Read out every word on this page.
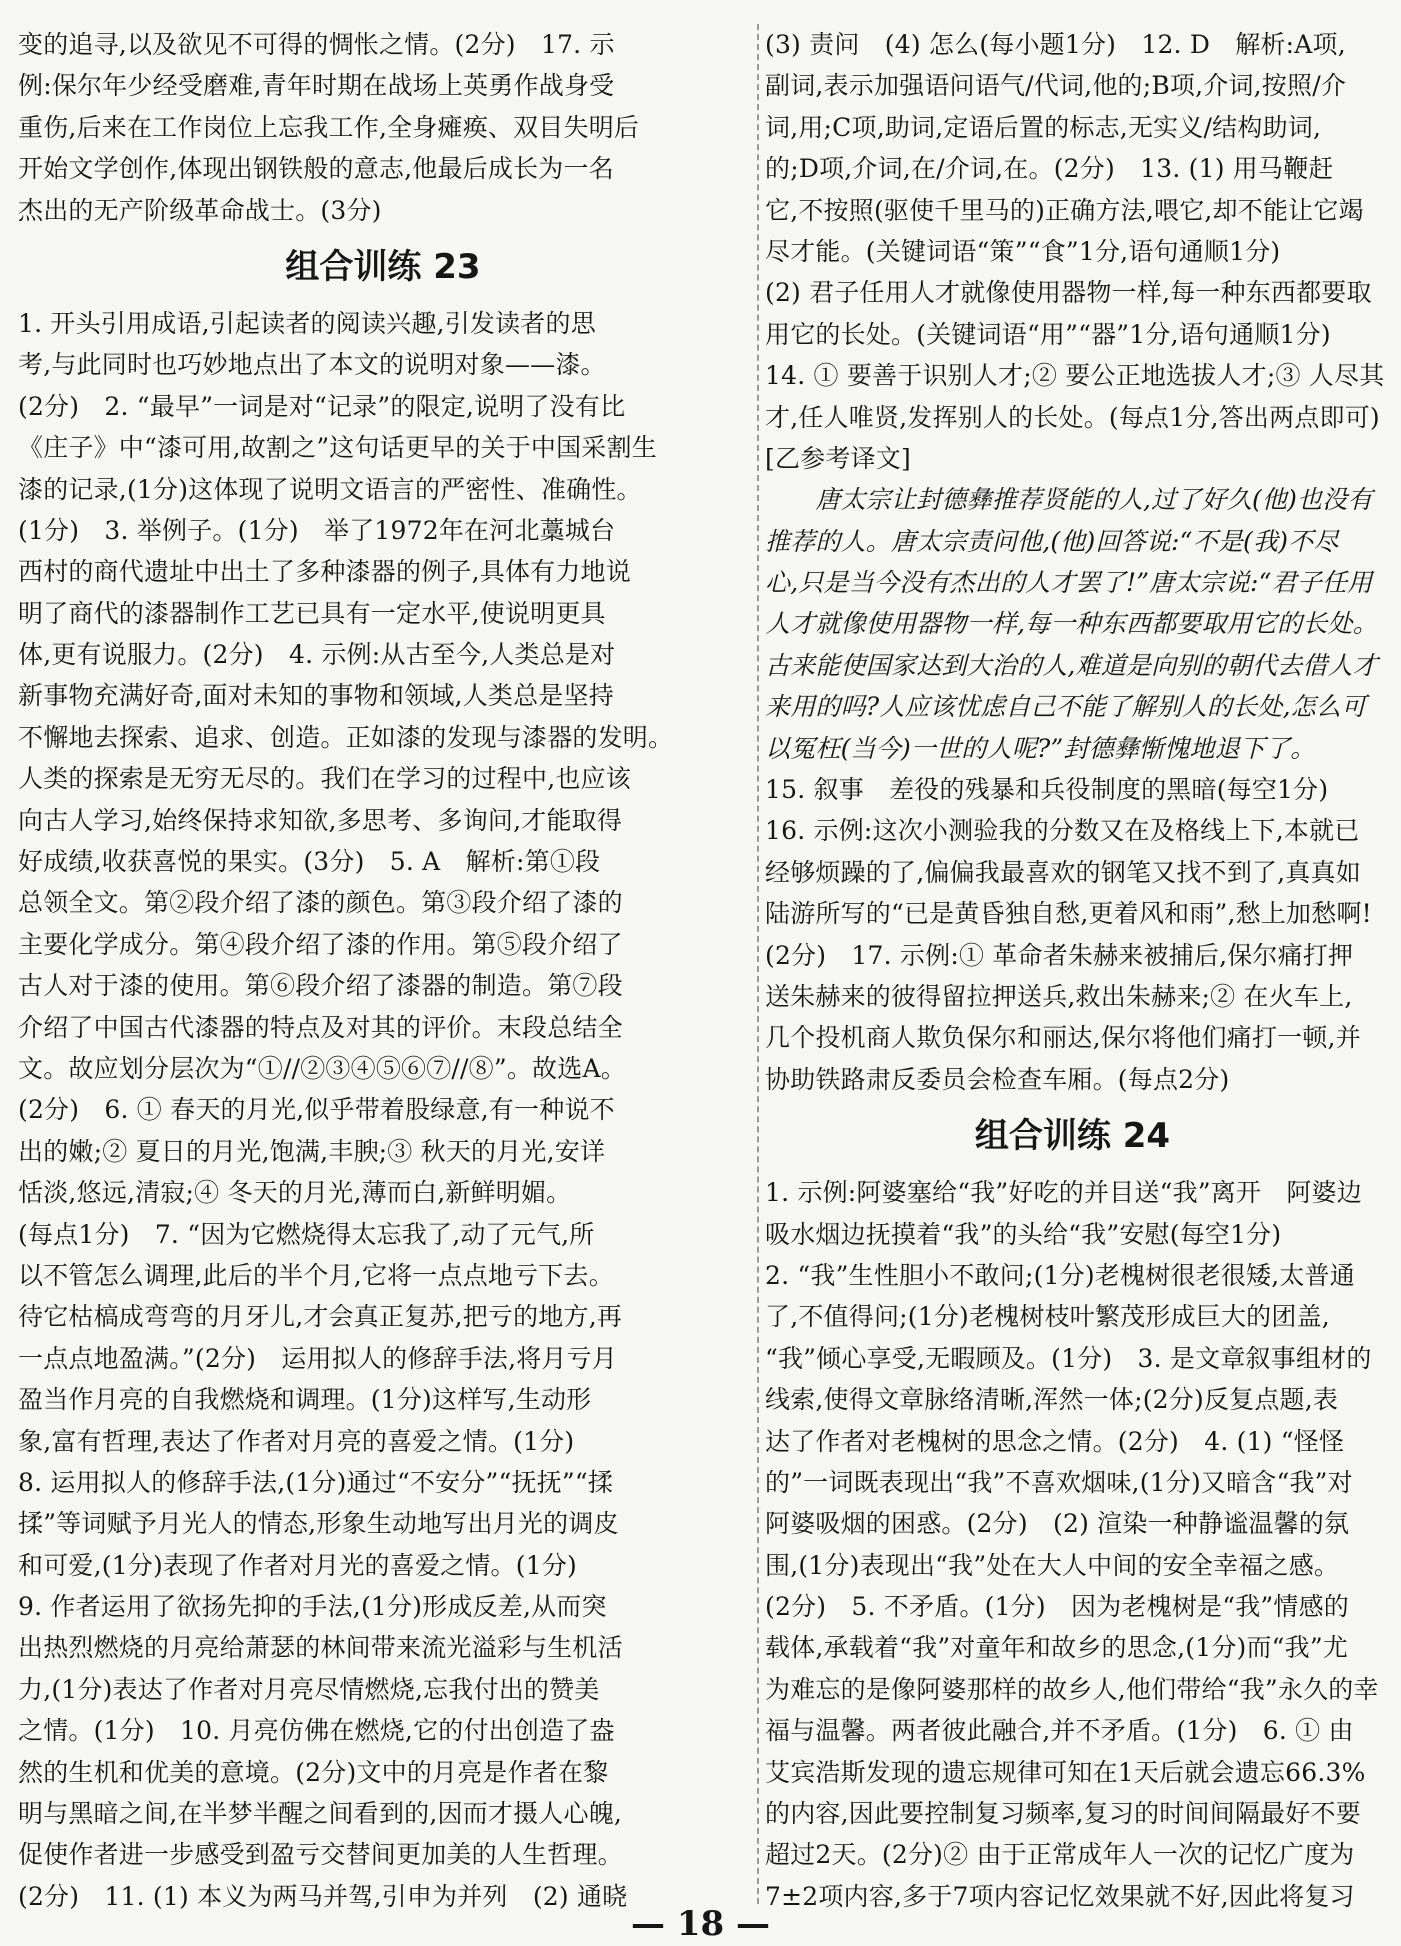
变的追寻,以及欲见不可得的惆怅之情。(2分)　17. 示
例:保尔年少经受磨难,青年时期在战场上英勇作战身受
重伤,后来在工作岗位上忘我工作,全身瘫痪、双目失明后
开始文学创作,体现出钢铁般的意志,他最后成长为一名
杰出的无产阶级革命战士。(3分)
组合训练 23
1. 开头引用成语,引起读者的阅读兴趣,引发读者的思
考,与此同时也巧妙地点出了本文的说明对象——漆。
(2分)　2. “最早”一词是对“记录”的限定,说明了没有比
《庄子》中“漆可用,故割之”这句话更早的关于中国采割生
漆的记录,(1分)这体现了说明文语言的严密性、准确性。
(1分)　3. 举例子。(1分)　举了1972年在河北藁城台
西村的商代遗址中出土了多种漆器的例子,具体有力地说
明了商代的漆器制作工艺已具有一定水平,使说明更具
体,更有说服力。(2分)　4. 示例:从古至今,人类总是对
新事物充满好奇,面对未知的事物和领域,人类总是坚持
不懈地去探索、追求、创造。正如漆的发现与漆器的发明。
人类的探索是无穷无尽的。我们在学习的过程中,也应该
向古人学习,始终保持求知欲,多思考、多询问,才能取得
好成绩,收获喜悦的果实。(3分)　5. A　解析:第①段
总领全文。第②段介绍了漆的颜色。第③段介绍了漆的
主要化学成分。第④段介绍了漆的作用。第⑤段介绍了
古人对于漆的使用。第⑥段介绍了漆器的制造。第⑦段
介绍了中国古代漆器的特点及对其的评价。末段总结全
文。故应划分层次为“①//②③④⑤⑥⑦//⑧”。故选A。
(2分)　6. ① 春天的月光,似乎带着股绿意,有一种说不
出的嫩;② 夏日的月光,饱满,丰腴;③ 秋天的月光,安详
恬淡,悠远,清寂;④ 冬天的月光,薄而白,新鲜明媚。
(每点1分)　7. “因为它燃烧得太忘我了,动了元气,所
以不管怎么调理,此后的半个月,它将一点点地亏下去。
待它枯槁成弯弯的月牙儿,才会真正复苏,把亏的地方,再
一点点地盈满。”(2分)　运用拟人的修辞手法,将月亏月
盈当作月亮的自我燃烧和调理。(1分)这样写,生动形
象,富有哲理,表达了作者对月亮的喜爱之情。(1分)
8. 运用拟人的修辞手法,(1分)通过“不安分”“抚抚”“揉
揉”等词赋予月光人的情态,形象生动地写出月光的调皮
和可爱,(1分)表现了作者对月光的喜爱之情。(1分)
9. 作者运用了欲扬先抑的手法,(1分)形成反差,从而突
出热烈燃烧的月亮给萧瑟的林间带来流光溢彩与生机活
力,(1分)表达了作者对月亮尽情燃烧,忘我付出的赞美
之情。(1分)　10. 月亮仿佛在燃烧,它的付出创造了盎
然的生机和优美的意境。(2分)文中的月亮是作者在黎
明与黑暗之间,在半梦半醒之间看到的,因而才摄人心魄,
促使作者进一步感受到盈亏交替间更加美的人生哲理。
(2分)　11. (1) 本义为两马并驾,引申为并列　(2) 通晓
(3) 责问　(4) 怎么(每小题1分)　12. D　解析:A项,
副词,表示加强语问语气/代词,他的;B项,介词,按照/介
词,用;C项,助词,定语后置的标志,无实义/结构助词,
的;D项,介词,在/介词,在。(2分)　13. (1) 用马鞭赶
它,不按照(驱使千里马的)正确方法,喂它,却不能让它竭
尽才能。(关键词语“策”“食”1分,语句通顺1分)
(2) 君子任用人才就像使用器物一样,每一种东西都要取
用它的长处。(关键词语“用”“器”1分,语句通顺1分)
14. ① 要善于识别人才;② 要公正地选拔人才;③ 人尽其
才,任人唯贤,发挥别人的长处。(每点1分,答出两点即可)
[乙参考译文]
　　唐太宗让封德彝推荐贤能的人,过了好久(他)也没有
推荐的人。唐太宗责问他,(他)回答说:“不是(我)不尽
心,只是当今没有杰出的人才罢了!”唐太宗说:“君子任用
人才就像使用器物一样,每一种东西都要取用它的长处。
古来能使国家达到大治的人,难道是向别的朝代去借人才
来用的吗?人应该忧虑自己不能了解别人的长处,怎么可
以冤枉(当今)一世的人呢?”封德彝惭愧地退下了。
15. 叙事　差役的残暴和兵役制度的黑暗(每空1分)
16. 示例:这次小测验我的分数又在及格线上下,本就已
经够烦躁的了,偏偏我最喜欢的钢笔又找不到了,真真如
陆游所写的“已是黄昏独自愁,更着风和雨”,愁上加愁啊!
(2分)　17. 示例:① 革命者朱赫来被捕后,保尔痛打押
送朱赫来的彼得留拉押送兵,救出朱赫来;② 在火车上,
几个投机商人欺负保尔和丽达,保尔将他们痛打一顿,并
协助铁路肃反委员会检查车厢。(每点2分)
组合训练 24
1. 示例:阿婆塞给“我”好吃的并目送“我”离开　阿婆边
吸水烟边抚摸着“我”的头给“我”安慰(每空1分)
2. “我”生性胆小不敢问;(1分)老槐树很老很矮,太普通
了,不值得问;(1分)老槐树枝叶繁茂形成巨大的团盖,
“我”倾心享受,无暇顾及。(1分)　3. 是文章叙事组材的
线索,使得文章脉络清晰,浑然一体;(2分)反复点题,表
达了作者对老槐树的思念之情。(2分)　4. (1) “怪怪
的”一词既表现出“我”不喜欢烟味,(1分)又暗含“我”对
阿婆吸烟的困惑。(2分)　(2) 渲染一种静谧温馨的氛
围,(1分)表现出“我”处在大人中间的安全幸福之感。
(2分)　5. 不矛盾。(1分)　因为老槐树是“我”情感的
载体,承载着“我”对童年和故乡的思念,(1分)而“我”尤
为难忘的是像阿婆那样的故乡人,他们带给“我”永久的幸
福与温馨。两者彼此融合,并不矛盾。(1分)　6. ① 由
艾宾浩斯发现的遗忘规律可知在1天后就会遗忘66.3%
的内容,因此要控制复习频率,复习的时间间隔最好不要
超过2天。(2分)② 由于正常成年人一次的记忆广度为
7±2项内容,多于7项内容记忆效果就不好,因此将复习
— 18 —
